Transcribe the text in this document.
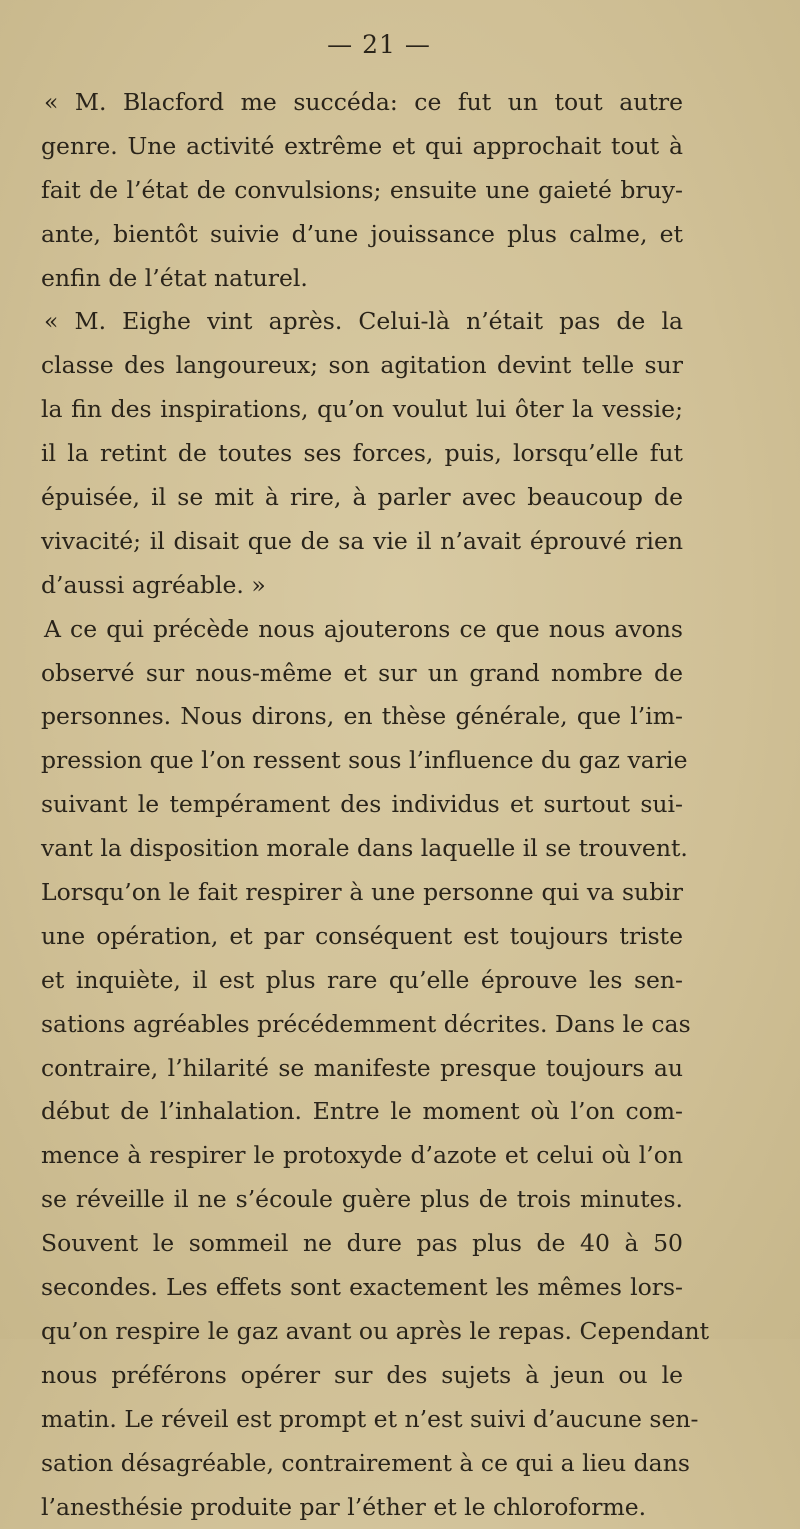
— 21 —
« M. Blacford me succéda: ce fut un tout autre
genre. Une activité extrême et qui approchait tout à
fait de l’état de convulsions; ensuite une gaieté bruy-
ante, bientôt suivie d’une jouissance plus calme, et
enfin de l’état naturel.
« M. Eighe vint après. Celui-là n’était pas de la
classe des langoureux; son agitation devint telle sur
la fin des inspirations, qu’on voulut lui ôter la vessie;
il la retint de toutes ses forces, puis, lorsqu’elle fut
épuisée, il se mit à rire, à parler avec beaucoup de
vivacité; il disait que de sa vie il n’avait éprouvé rien
d’aussi agréable. »
A ce qui précède nous ajouterons ce que nous avons
observé sur nous-même et sur un grand nombre de
personnes. Nous dirons, en thèse générale, que l’im-
pression que l’on ressent sous l’influence du gaz varie
suivant le tempérament des individus et surtout sui-
vant la disposition morale dans laquelle il se trouvent.
Lorsqu’on le fait respirer à une personne qui va subir
une opération, et par conséquent est toujours triste
et inquiète, il est plus rare qu’elle éprouve les sen-
sations agréables précédemment décrites. Dans le cas
contraire, l’hilarité se manifeste presque toujours au
début de l’inhalation. Entre le moment où l’on com-
mence à respirer le protoxyde d’azote et celui où l’on
se réveille il ne s’écoule guère plus de trois minutes.
Souvent le sommeil ne dure pas plus de 40 à 50
secondes. Les effets sont exactement les mêmes lors-
qu’on respire le gaz avant ou après le repas. Cependant
nous préférons opérer sur des sujets à jeun ou le
matin. Le réveil est prompt et n’est suivi d’aucune sen-
sation désagréable, contrairement à ce qui a lieu dans
l’anesthésie produite par l’éther et le chloroforme.
